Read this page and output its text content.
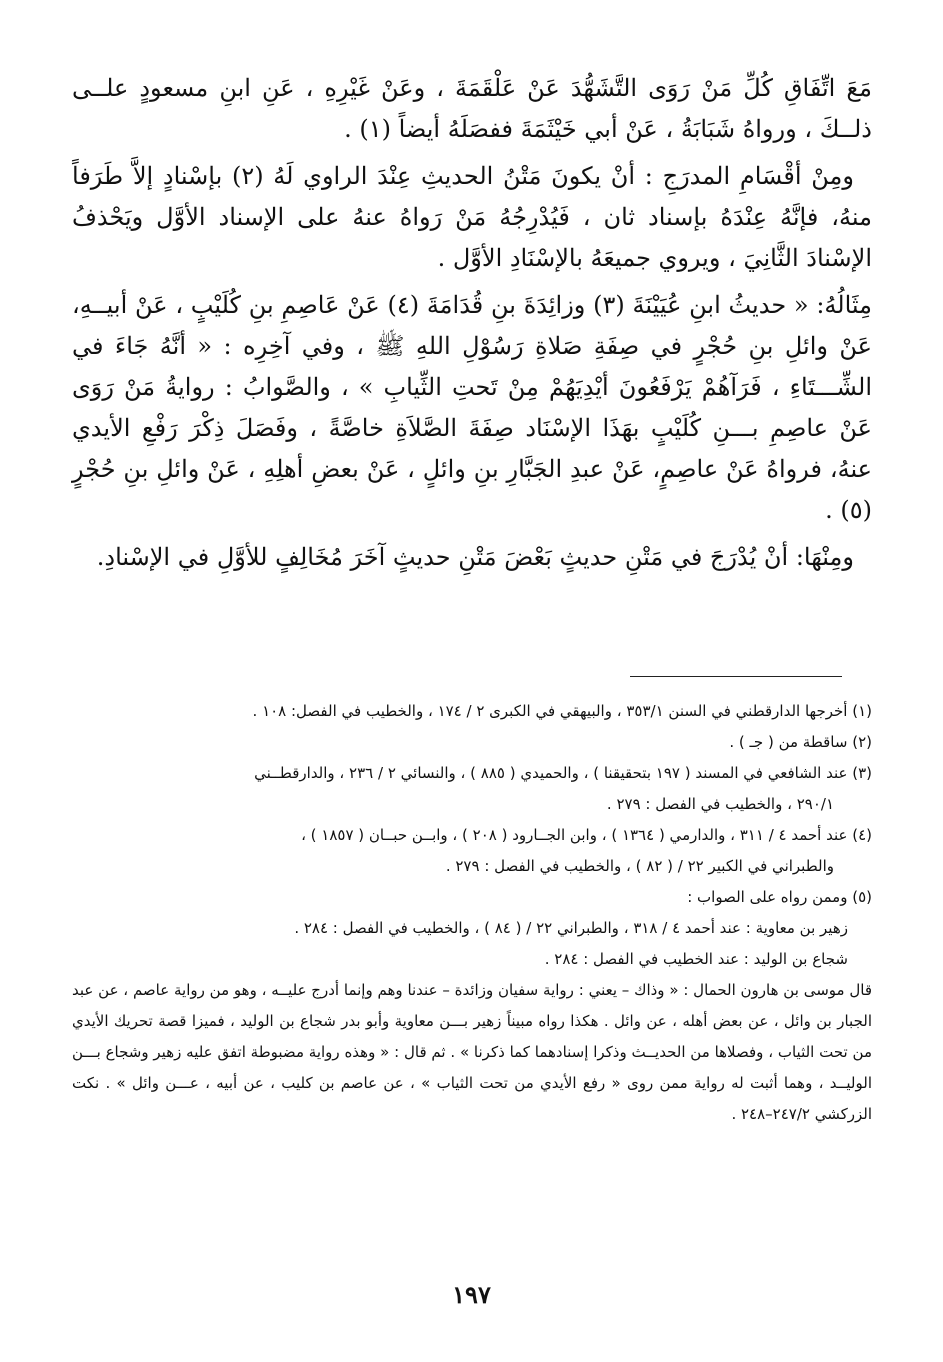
مَعَ اتِّفَاقِ كُلِّ مَنْ رَوَى التَّشَهُّدَ عَنْ عَلْقَمَةَ ، وعَنْ غَيْرِهِ ، عَنِ ابنِ مسعودٍ علــى ذلــكَ ، ورواهُ شَبَابَةُ ، عَنْ أبي خَيْثَمَةَ ففصَلَهُ أيضاً (١) .

ومِنْ أقْسَامِ المدرَجِ : أنْ يكونَ مَتْنُ الحديثِ عِنْدَ الراوي لَهُ (٢) بإسْنادٍ إلاَّ طَرَفاً منهُ، فإنَّهُ عِنْدَهُ بإسناد ثان ، فَيُدْرِجُهُ مَنْ رَواهُ عنهُ على الإسناد الأوَّل ويَحْذفُ الإسْنادَ الثَّانِيَ ، ويروي جميعَهُ بالإسْنَادِ الأوَّل .

مِثَالُهُ: « حديثُ ابنِ عُيَيْنَةَ (٣) وزائِدَةَ بنِ قُدَامَةَ (٤) عَنْ عَاصِمِ بنِ كُلَيْبٍ ، عَنْ أبيــهِ، عَنْ وائلِ بنِ حُجْرٍ في صِفَةِ صَلاةِ رَسُوْلِ اللهِ ﷺ ، وفي آخِرِه : « أنَّهُ جَاءَ في الشِّـــتَاءِ ، فَرَآهُمْ يَرْفَعُونَ أيْدِيَهُمْ مِنْ تَحتِ الثِّيابِ » ، والصَّوابُ : روايةُ مَنْ رَوَى عَنْ عاصِمِ بـــنِ كُلَيْبٍ بهَذَا الإسْنَاد صِفَةَ الصَّلاَةِ خاصَّةً ، وفَصَلَ ذِكْرَ رَفْعِ الأيدي عنهُ، فرواهُ عَنْ عاصِمٍ، عَنْ عبدِ الجَبَّارِ بنِ وائلٍ ، عَنْ بعضِ أهلِهِ ، عَنْ وائلِ بنِ حُجْرٍ (٥) .

ومِنْهَا: أنْ يُدْرَجَ في مَتْنِ حديثٍ بَعْضَ مَتْنِ حديثٍ آخَرَ مُخَالِفٍ للأوَّلِ في الإسْنادِ.

(١) أخرجها الدارقطني في السنن ٣٥٣/١ ، والبيهقي في الكبرى ٢ / ١٧٤ ، والخطيب في الفصل: ١٠٨ .

(٢) ساقطة من ( جـ ) .

(٣) عند الشافعي في المسند ( ١٩٧ بتحقيقنا ) ، والحميدي ( ٨٨٥ ) ، والنسائي ٢ / ٢٣٦ ، والدارقطــني

٢٩٠/١ ، والخطيب في الفصل : ٢٧٩ .

(٤) عند أحمد ٤ / ٣١١ ، والدارمي ( ١٣٦٤ ) ، وابن الجــارود ( ٢٠٨ ) ، وابــن حبــان ( ١٨٥٧ ) ،

والطبراني في الكبير ٢٢ / ( ٨٢ ) ، والخطيب في الفصل : ٢٧٩ .

(٥) وممن رواه على الصواب :

زهير بن معاوية : عند أحمد ٤ / ٣١٨ ، والطبراني ٢٢ / ( ٨٤ ) ، والخطيب في الفصل : ٢٨٤ .

شجاع بن الوليد : عند الخطيب في الفصل : ٢٨٤ .

قال موسى بن هارون الحمال : « وذاك – يعني : رواية سفيان وزائدة – عندنا وهم وإنما أدرج عليــه ، وهو من رواية عاصم ، عن عبد الجبار بن وائل ، عن بعض أهله ، عن وائل . هكذا رواه مبيناً زهير بـــن معاوية وأبو بدر شجاع بن الوليد ، فميزا قصة تحريك الأيدي من تحت الثياب ، وفصلاها من الحديــث وذكرا إسنادهما كما ذكرنا » . ثم قال : « وهذه رواية مضبوطة اتفق عليه زهير وشجاع بـــن الوليــد ، وهما أثبت له رواية ممن روى « رفع الأيدي من تحت الثياب » ، عن عاصم بن كليب ، عن أبيه ، عـــن وائل » . نكت الزركشي ٢٤٧/٢–٢٤٨ .

١٩٧
